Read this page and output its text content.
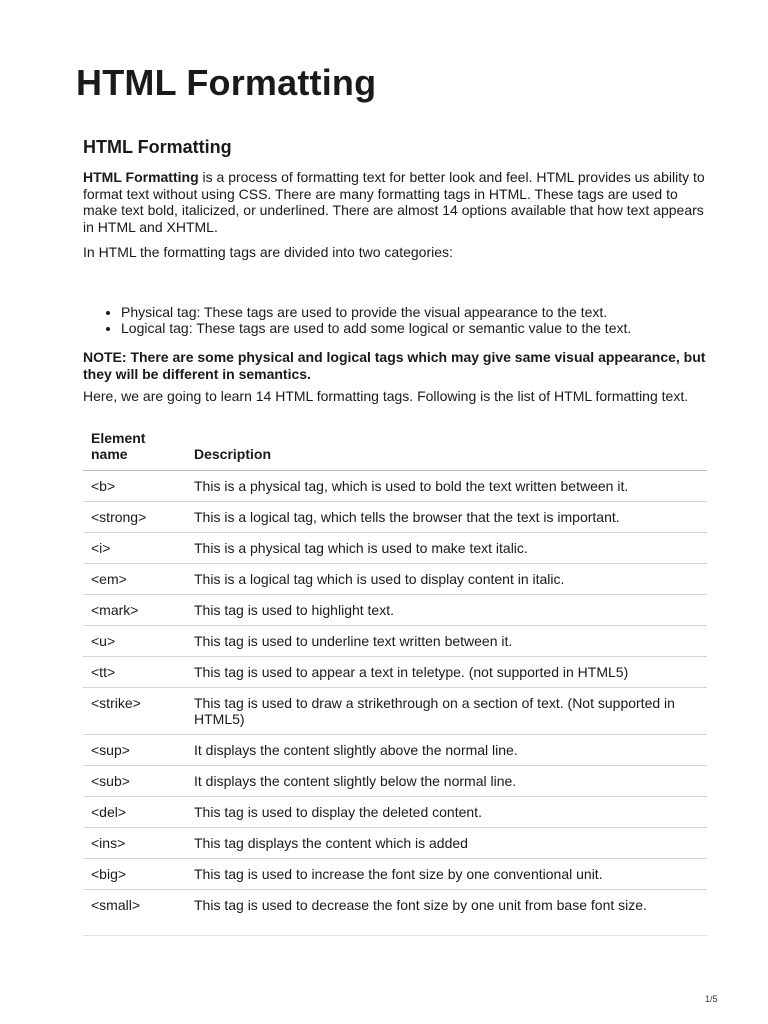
HTML Formatting
HTML Formatting

HTML Formatting is a process of formatting text for better look and feel. HTML provides us ability to format text without using CSS. There are many formatting tags in HTML. These tags are used to make text bold, italicized, or underlined. There are almost 14 options available that how text appears in HTML and XHTML.

In HTML the formatting tags are divided into two categories:

• Physical tag: These tags are used to provide the visual appearance to the text.
• Logical tag: These tags are used to add some logical or semantic value to the text.

NOTE: There are some physical and logical tags which may give same visual appearance, but they will be different in semantics.

Here, we are going to learn 14 HTML formatting tags. Following is the list of HTML formatting text.

Element name	Description
<b>	This is a physical tag, which is used to bold the text written between it.
<strong>	This is a logical tag, which tells the browser that the text is important.
<i>	This is a physical tag which is used to make text italic.
<em>	This is a logical tag which is used to display content in italic.
<mark>	This tag is used to highlight text.
<u>	This tag is used to underline text written between it.
<tt>	This tag is used to appear a text in teletype. (not supported in HTML5)
<strike>	This tag is used to draw a strikethrough on a section of text. (Not supported in HTML5)
<sup>	It displays the content slightly above the normal line.
<sub>	It displays the content slightly below the normal line.
<del>	This tag is used to display the deleted content.
<ins>	This tag displays the content which is added
<big>	This tag is used to increase the font size by one conventional unit.
<small>	This tag is used to decrease the font size by one unit from base font size.
1/5
